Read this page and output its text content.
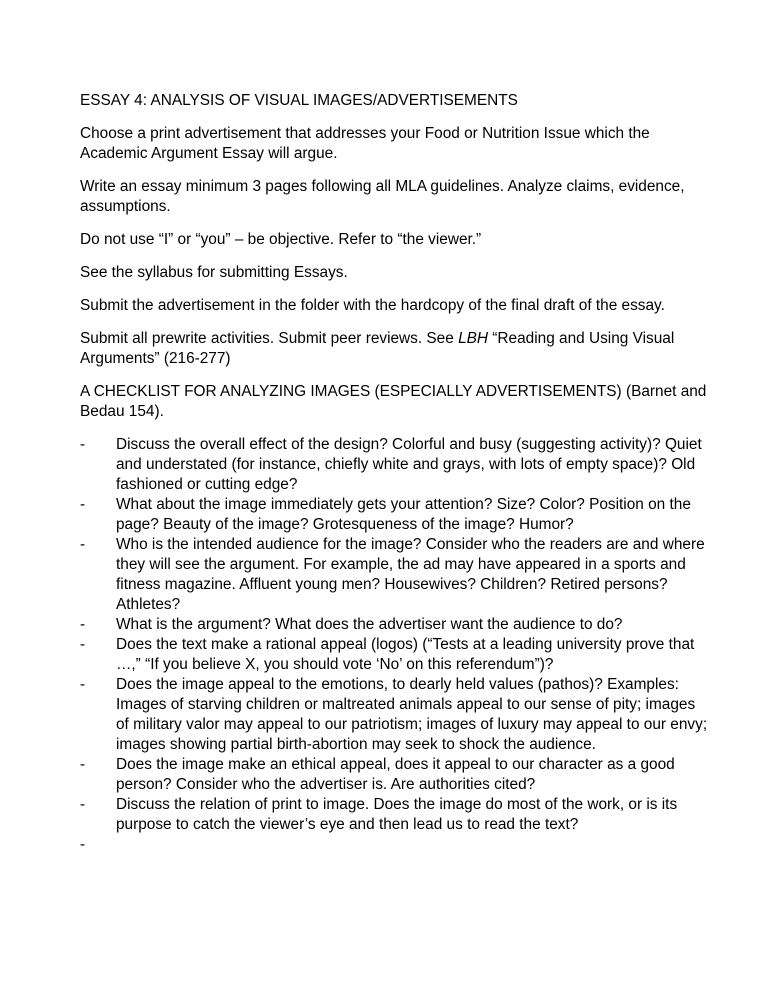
ESSAY 4: ANALYSIS OF VISUAL IMAGES/ADVERTISEMENTS

Choose a print advertisement that addresses your Food or Nutrition Issue which the Academic Argument Essay will argue.

Write an essay minimum 3 pages following all MLA guidelines. Analyze claims, evidence, assumptions.

Do not use “I” or “you” – be objective. Refer to “the viewer.”

See the syllabus for submitting Essays.

Submit the advertisement in the folder with the hardcopy of the final draft of the essay.

Submit all prewrite activities. Submit peer reviews. See LBH “Reading and Using Visual Arguments” (216-277)

A CHECKLIST FOR ANALYZING IMAGES (ESPECIALLY ADVERTISEMENTS) (Barnet and Bedau 154).

- Discuss the overall effect of the design? Colorful and busy (suggesting activity)? Quiet and understated (for instance, chiefly white and grays, with lots of empty space)? Old fashioned or cutting edge?
- What about the image immediately gets your attention? Size? Color? Position on the page? Beauty of the image? Grotesqueness of the image? Humor?
- Who is the intended audience for the image? Consider who the readers are and where they will see the argument. For example, the ad may have appeared in a sports and fitness magazine. Affluent young men? Housewives? Children? Retired persons? Athletes?
- What is the argument? What does the advertiser want the audience to do?
- Does the text make a rational appeal (logos) (“Tests at a leading university prove that …,” “If you believe X, you should vote ‘No’ on this referendum”)?
- Does the image appeal to the emotions, to dearly held values (pathos)? Examples: Images of starving children or maltreated animals appeal to our sense of pity; images of military valor may appeal to our patriotism; images of luxury may appeal to our envy; images showing partial birth-abortion may seek to shock the audience.
- Does the image make an ethical appeal, does it appeal to our character as a good person? Consider who the advertiser is. Are authorities cited?
- Discuss the relation of print to image. Does the image do most of the work, or is its purpose to catch the viewer’s eye and then lead us to read the text?
-
